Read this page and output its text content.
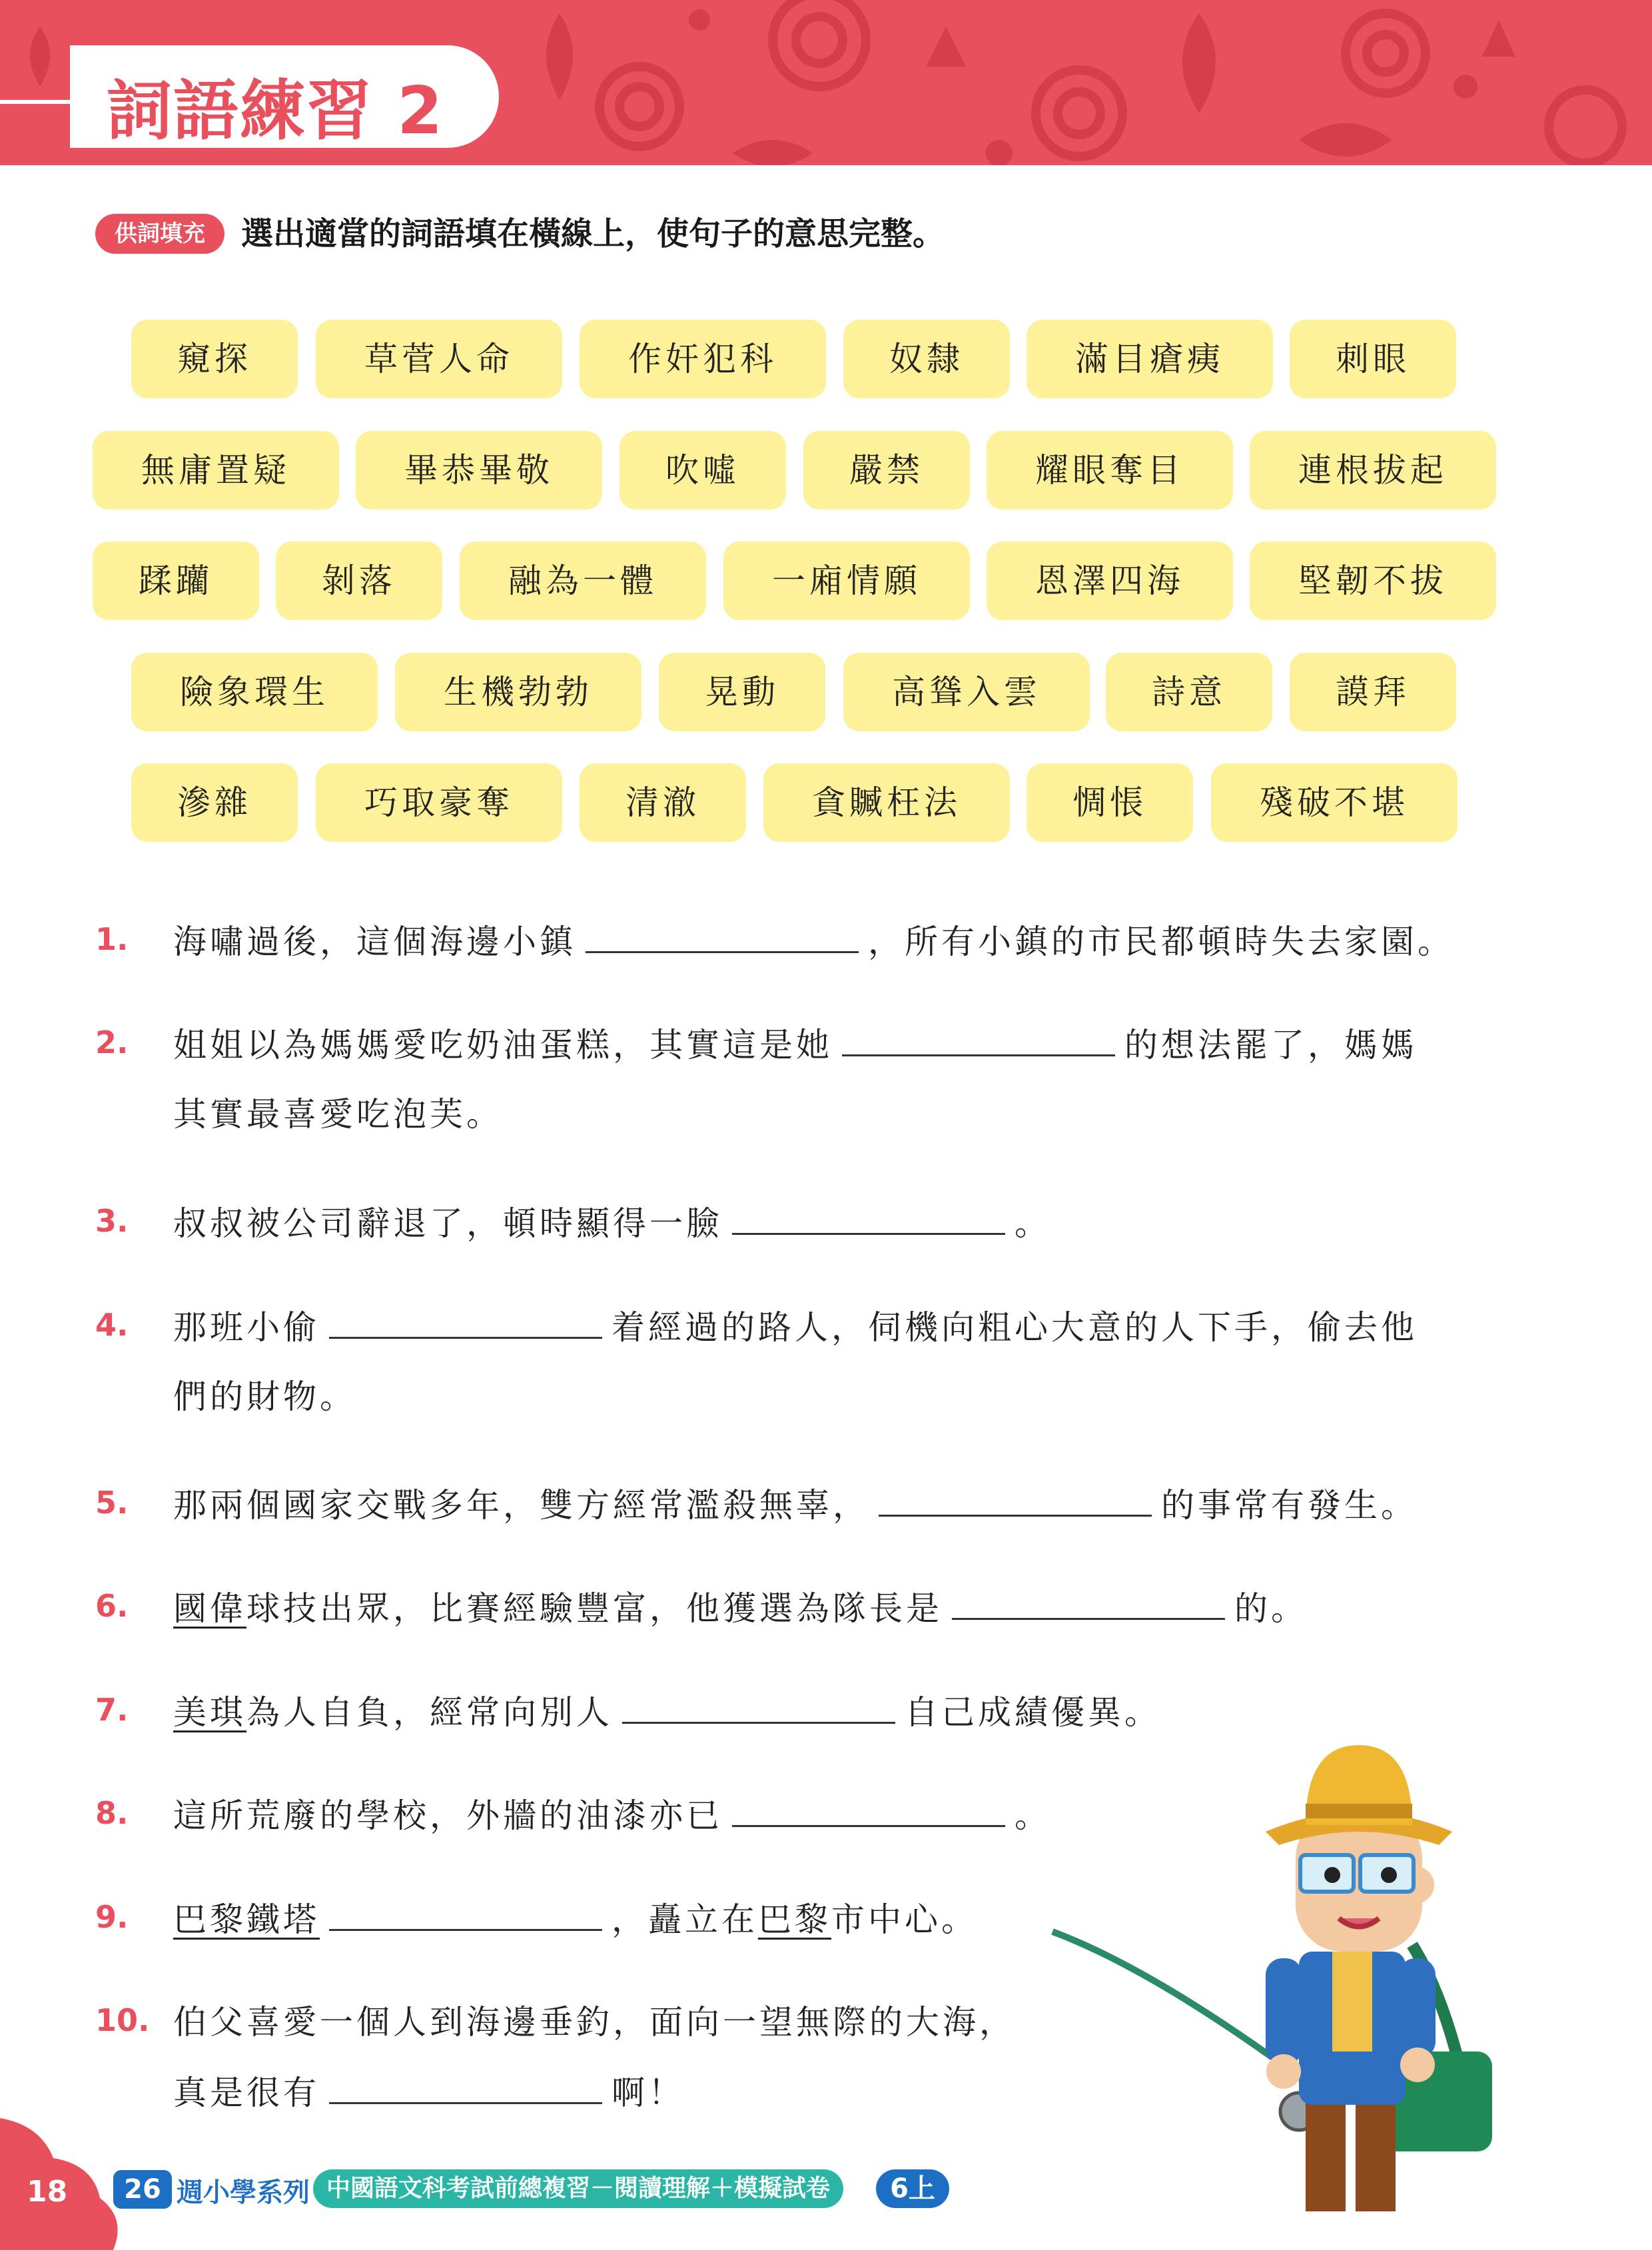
詞語練習 2
供詞填充	選出適當的詞語填在橫線上，使句子的意思完整。
窺探	草菅人命	作奸犯科	奴隸	滿目瘡痍	刺眼
無庸置疑	畢恭畢敬	吹噓	嚴禁	耀眼奪目	連根拔起
蹂躪	剝落	融為一體	一廂情願	恩澤四海	堅韌不拔
險象環生	生機勃勃	晃動	高聳入雲	詩意	謨拜
滲雜	巧取豪奪	清澈	貪贓枉法	惆悵	殘破不堪
1. 海嘯過後，這個海邊小鎮	，所有小鎮的市民都頓時失去家園。
2. 姐姐以為媽媽愛吃奶油蛋糕，其實這是她	的想法罷了，媽媽
其實最喜愛吃泡芙。
3. 叔叔被公司辭退了，頓時顯得一臉	。
4. 那班小偷	着經過的路人，伺機向粗心大意的人下手，偷去他
們的財物。
5. 那兩個國家交戰多年，雙方經常濫殺無辜，	的事常有發生。
6. 國偉球技出眾，比賽經驗豐富，他獲選為隊長是	的。
7. 美琪為人自負，經常向別人	自己成績優異。
8. 這所荒廢的學校，外牆的油漆亦已	。
9. 巴黎鐵塔	，矗立在巴黎市中心。
10. 伯父喜愛一個人到海邊垂釣，面向一望無際的大海，
真是很有	啊！
18	26 週小學系列 中國語文科考試前總複習－閱讀理解＋模擬試卷	6上
